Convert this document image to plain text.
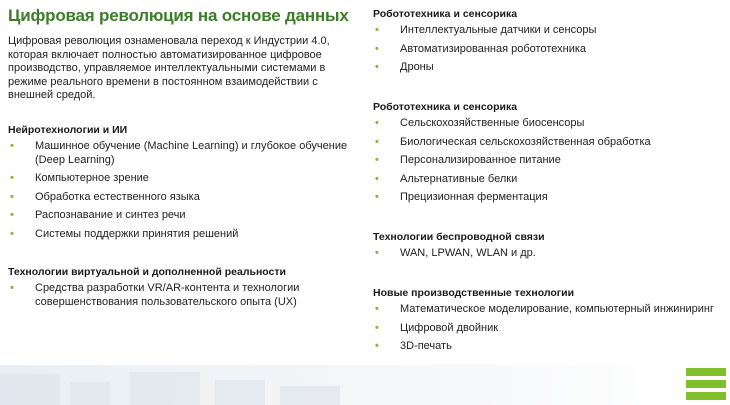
Цифровая революция на основе данных

Цифровая революция ознаменовала переход к Индустрии 4.0, которая включает полностью автоматизированное цифровое производство, управляемое интеллектуальными системами в режиме реального времени в постоянном взаимодействии с внешней средой.

Нейротехнологии и ИИ
• Машинное обучение (Machine Learning) и глубокое обучение (Deep Learning)
• Компьютерное зрение
• Обработка естественного языка
• Распознавание и синтез речи
• Системы поддержки принятия решений
Технологии виртуальной и дополненной реальности
• Средства разработки VR/AR-контента и технологии совершенствования пользовательского опыта (UX)
Робототехника и сенсорика
• Интеллектуальные датчики и сенсоры
• Автоматизированная робототехника
• Дроны
Робототехника и сенсорика
• Сельскохозяйственные биосенсоры
• Биологическая сельскохозяйственная обработка
• Персонализированное питание
• Альтернативные белки
• Прецизионная ферментация
Технологии беспроводной связи
• WAN, LPWAN, WLAN и др.
Новые производственные технологии
• Математическое моделирование, компьютерный инжиниринг
• Цифровой двойник
• 3D-печать
